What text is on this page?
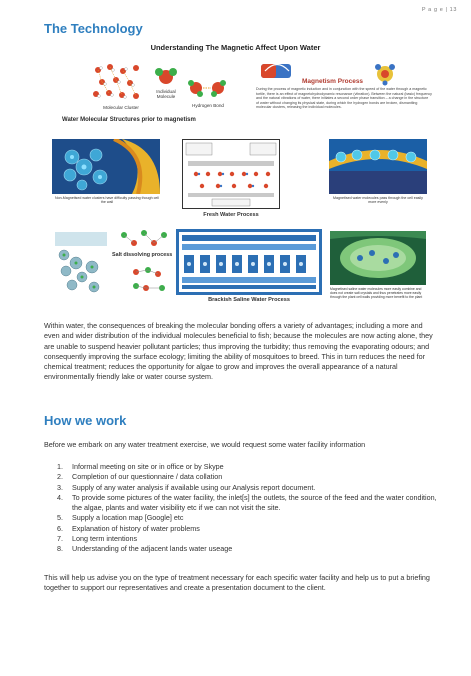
P a g e | 13
The Technology
Understanding The Magnetic Affect Upon Water
Molecular Cluster
Individual Molecule
Hydrogen Bond
Magnetism Process
During the process of magnetic induction and in conjunction with the speed of the water through a magnetic tortile, there is an effect of magnetohydrodynamic resonance (vibration). Between the natural (basic) frequency and the natural vibrations of water, there initiates a second order phase transition – a change in the structure of water without changing its physical state, during which the hydrogen bonds are broken, dismantling molecular clusters, releasing the individual molecules.
Water Molecular Structures prior to magnetism
Non-Magnetised water clusters have difficulty passing though cell the wall
Fresh Water Process
Magnetised water molecules pass through the cell easily more evenly
Salt dissolving process
Brackish Saline Water Process
Magnetised saline water molecules more easily combine and does not create salt crystals and thus penetrates more easily through the plant cell walls providing more benefit to the plant
Within water, the consequences of breaking the molecular bonding offers a variety of advantages; including a more and even and wider distribution of the individual molecules beneficial to fish; because the molecules are now acting alone, they are unable to suspend heavier pollutant particles; thus improving the turbidity; thus removing the evaporating odours; and consequently improving the surface ecology; limiting the ability of mosquitoes to breed. This in turn reduces the need for chemical treatment; reduces the opportunity for algae to grow and improves the overall appearance of a natural environmentally friendly lake or water course system.
How we work
Before we embark on any water treatment exercise, we would request some water facility information
1.	Informal meeting on site or in office or by Skype
2.	Completion of our questionnaire / data collation
3.	Supply of any water analysis if available using our Analysis report document.
4.	To provide some pictures of the water facility, the inlet[s] the outlets, the source of the feed and the water condition, the algae, plants and water visibility etc if we can not visit the site.
5.	Supply a location map [Google] etc
6.	Explanation of history of water problems
7.	Long term intentions
8.	Understanding of the adjacent lands water useage
This will help us advise you on the type of treatment necessary for each specific water facility and help us to put a briefing together to support our representatives and create a presentation document to the client.
